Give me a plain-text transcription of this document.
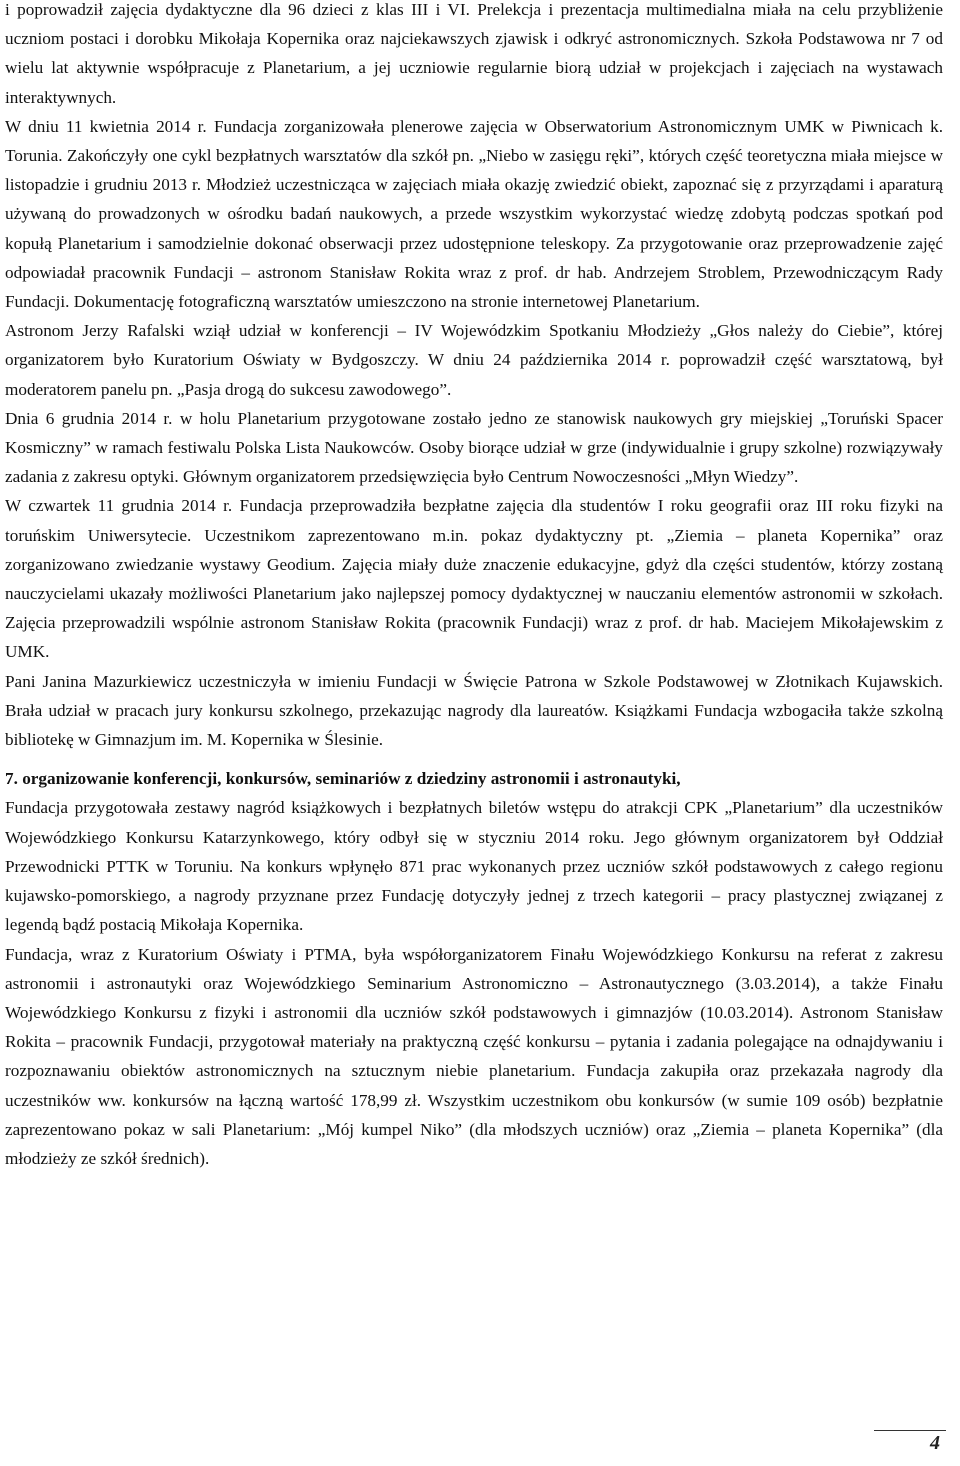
i poprowadził zajęcia dydaktyczne dla 96 dzieci z klas III i VI. Prelekcja i prezentacja multimedialna miała na celu przybliżenie uczniom postaci i dorobku Mikołaja Kopernika oraz najciekawszych zjawisk i odkryć astronomicznych. Szkoła Podstawowa nr 7 od wielu lat aktywnie współpracuje z Planetarium, a jej uczniowie regularnie biorą udział w projekcjach i zajęciach na wystawach interaktywnych.

W dniu 11 kwietnia 2014 r. Fundacja zorganizowała plenerowe zajęcia w Obserwatorium Astronomicznym UMK w Piwnicach k. Torunia. Zakończyły one cykl bezpłatnych warsztatów dla szkół pn. „Niebo w zasięgu ręki”, których część teoretyczna miała miejsce w listopadzie i grudniu 2013 r. Młodzież uczestnicząca w zajęciach miała okazję zwiedzić obiekt, zapoznać się z przyrządami i aparaturą używaną do prowadzonych w ośrodku badań naukowych, a przede wszystkim wykorzystać wiedzę zdobytą podczas spotkań pod kopułą Planetarium i samodzielnie dokonać obserwacji przez udostępnione teleskopy. Za przygotowanie oraz przeprowadzenie zajęć odpowiadał pracownik Fundacji – astronom Stanisław Rokita wraz z prof. dr hab. Andrzejem Stroblem, Przewodniczącym Rady Fundacji. Dokumentację fotograficzną warsztatów umieszczono na stronie internetowej Planetarium.

Astronom Jerzy Rafalski wziął udział w konferencji – IV Wojewódzkim Spotkaniu Młodzieży „Głos należy do Ciebie”, której organizatorem było Kuratorium Oświaty w Bydgoszczy. W dniu 24 października 2014 r. poprowadził część warsztatową, był moderatorem panelu pn. „Pasja drogą do sukcesu zawodowego”.

Dnia 6 grudnia 2014 r. w holu Planetarium przygotowane zostało jedno ze stanowisk naukowych gry miejskiej „Toruński Spacer Kosmiczny” w ramach festiwalu Polska Lista Naukowców. Osoby biorące udział w grze (indywidualnie i grupy szkolne) rozwiązywały zadania z zakresu optyki. Głównym organizatorem przedsięwzięcia było Centrum Nowoczesności „Młyn Wiedzy”.

W czwartek 11 grudnia 2014 r. Fundacja przeprowadziła bezpłatne zajęcia dla studentów I roku geografii oraz III roku fizyki na toruńskim Uniwersytecie. Uczestnikom zaprezentowano m.in. pokaz dydaktyczny pt. „Ziemia – planeta Kopernika” oraz zorganizowano zwiedzanie wystawy Geodium. Zajęcia miały duże znaczenie edukacyjne, gdyż dla części studentów, którzy zostaną nauczycielami ukazały możliwości Planetarium jako najlepszej pomocy dydaktycznej w nauczaniu elementów astronomii w szkołach. Zajęcia przeprowadzili wspólnie astronom Stanisław Rokita (pracownik Fundacji) wraz z prof. dr hab. Maciejem Mikołajewskim z UMK.

Pani Janina Mazurkiewicz uczestniczyła w imieniu Fundacji w Święcie Patrona w Szkole Podstawowej w Złotnikach Kujawskich. Brała udział w pracach jury konkursu szkolnego, przekazując nagrody dla laureatów. Książkami Fundacja wzbogaciła także szkolną bibliotekę w Gimnazjum im. M. Kopernika w Ślesinie.

7. organizowanie konferencji, konkursów, seminariów z dziedziny astronomii i astronautyki,

Fundacja przygotowała zestawy nagród książkowych i bezpłatnych biletów wstępu do atrakcji CPK „Planetarium” dla uczestników Wojewódzkiego Konkursu Katarzynkowego, który odbył się w styczniu 2014 roku. Jego głównym organizatorem był Oddział Przewodnicki PTTK w Toruniu. Na konkurs wpłynęło 871 prac wykonanych przez uczniów szkół podstawowych z całego regionu kujawsko-pomorskiego, a nagrody przyznane przez Fundację dotyczyły jednej z trzech kategorii – pracy plastycznej związanej z legendą bądź postacią Mikołaja Kopernika.

Fundacja, wraz z Kuratorium Oświaty i PTMA, była współorganizatorem Finału Wojewódzkiego Konkursu na referat z zakresu astronomii i astronautyki oraz Wojewódzkiego Seminarium Astronomiczno – Astronautycznego (3.03.2014), a także Finału Wojewódzkiego Konkursu z fizyki i astronomii dla uczniów szkół podstawowych i gimnazjów (10.03.2014). Astronom Stanisław Rokita – pracownik Fundacji, przygotował materiały na praktyczną część konkursu – pytania i zadania polegające na odnajdywaniu i rozpoznawaniu obiektów astronomicznych na sztucznym niebie planetarium. Fundacja zakupiła oraz przekazała nagrody dla uczestników ww. konkursów na łączną wartość 178,99 zł. Wszystkim uczestnikom obu konkursów (w sumie 109 osób) bezpłatnie zaprezentowano pokaz w sali Planetarium: „Mój kumpel Niko” (dla młodszych uczniów) oraz „Ziemia – planeta Kopernika” (dla młodzieży ze szkół średnich).

4
